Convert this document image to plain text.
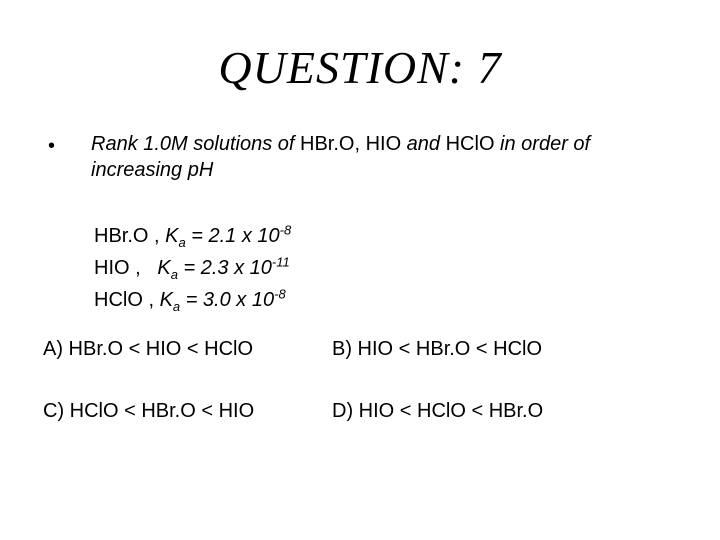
QUESTION: 7
• Rank 1.0M solutions of HBr.O, HIO and HClO in order of increasing pH
HBr.O , $K_a = 2.1$ x $10^{-8}$
HIO ,   $K_a = 2.3$ x $10^{-11}$
HClO , $K_a = 3.0$ x $10^{-8}$
A) HBr.O < HIO < HClO	B) HIO < HBr.O < HClO
C) HClO < HBr.O < HIO	D) HIO < HClO < HBr.O
